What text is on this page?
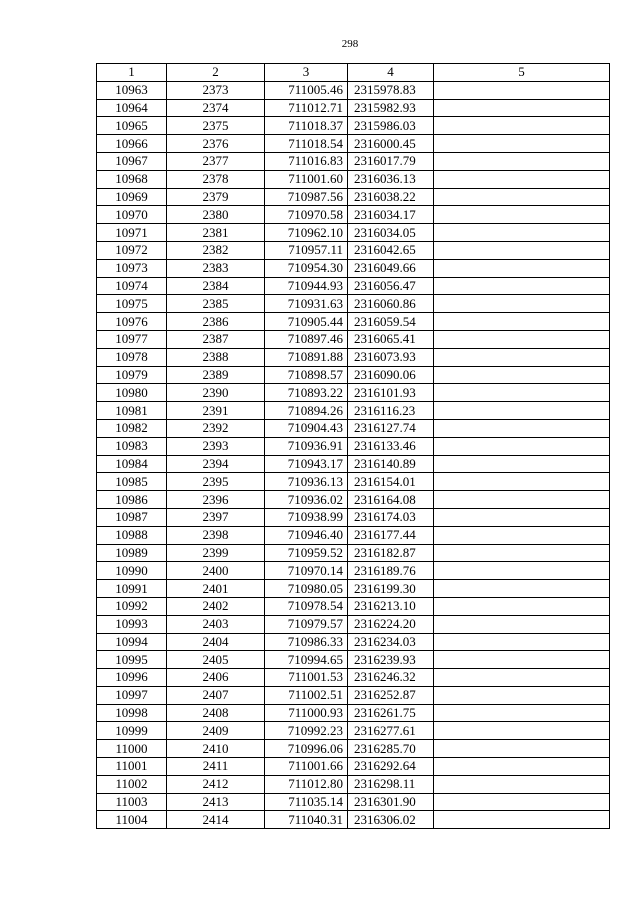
298
1	2	3	4	5
10963	2373	711005.46	2315978.83	
10964	2374	711012.71	2315982.93	
10965	2375	711018.37	2315986.03	
10966	2376	711018.54	2316000.45	
10967	2377	711016.83	2316017.79	
10968	2378	711001.60	2316036.13	
10969	2379	710987.56	2316038.22	
10970	2380	710970.58	2316034.17	
10971	2381	710962.10	2316034.05	
10972	2382	710957.11	2316042.65	
10973	2383	710954.30	2316049.66	
10974	2384	710944.93	2316056.47	
10975	2385	710931.63	2316060.86	
10976	2386	710905.44	2316059.54	
10977	2387	710897.46	2316065.41	
10978	2388	710891.88	2316073.93	
10979	2389	710898.57	2316090.06	
10980	2390	710893.22	2316101.93	
10981	2391	710894.26	2316116.23	
10982	2392	710904.43	2316127.74	
10983	2393	710936.91	2316133.46	
10984	2394	710943.17	2316140.89	
10985	2395	710936.13	2316154.01	
10986	2396	710936.02	2316164.08	
10987	2397	710938.99	2316174.03	
10988	2398	710946.40	2316177.44	
10989	2399	710959.52	2316182.87	
10990	2400	710970.14	2316189.76	
10991	2401	710980.05	2316199.30	
10992	2402	710978.54	2316213.10	
10993	2403	710979.57	2316224.20	
10994	2404	710986.33	2316234.03	
10995	2405	710994.65	2316239.93	
10996	2406	711001.53	2316246.32	
10997	2407	711002.51	2316252.87	
10998	2408	711000.93	2316261.75	
10999	2409	710992.23	2316277.61	
11000	2410	710996.06	2316285.70	
11001	2411	711001.66	2316292.64	
11002	2412	711012.80	2316298.11	
11003	2413	711035.14	2316301.90	
11004	2414	711040.31	2316306.02	
